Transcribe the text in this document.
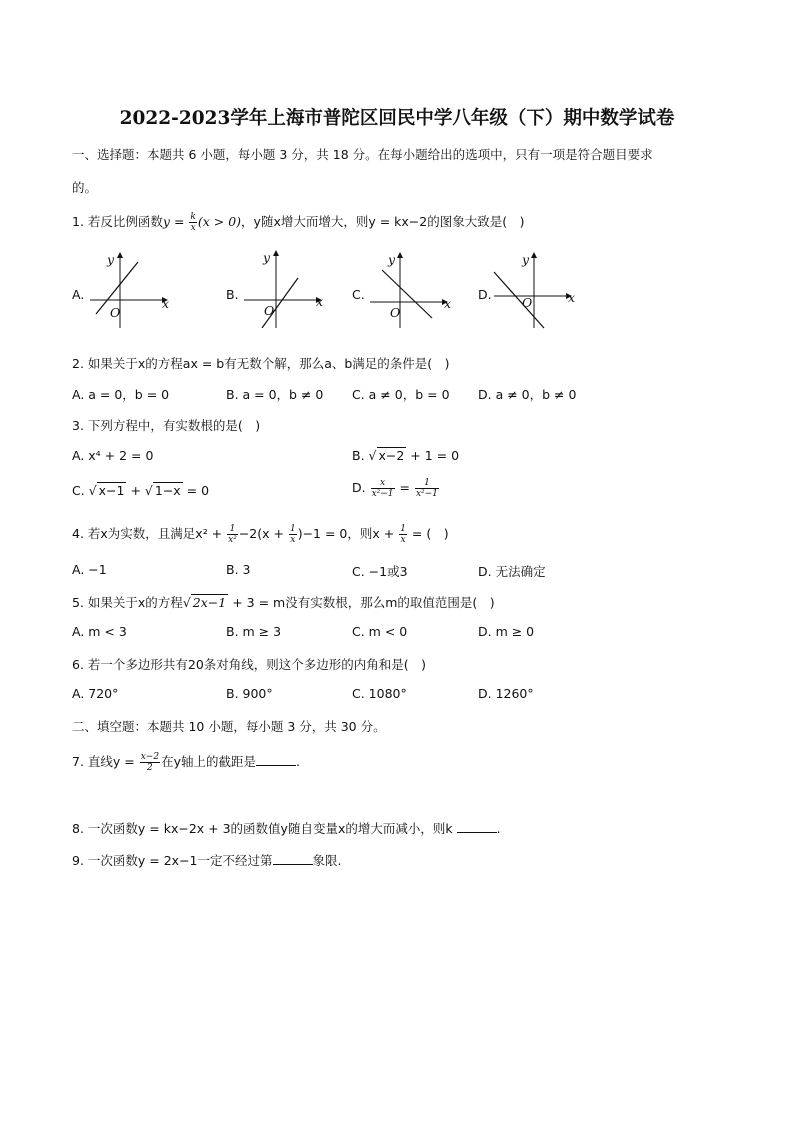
2022-2023学年上海市普陀区回民中学八年级（下）期中数学试卷
一、选择题：本题共 6 小题，每小题 3 分，共 18 分。在每小题给出的选项中，只有一项是符合题目要求
的。
1. 若反比例函数$y = \frac{k}{x} (x > 0)$，y随x增大而增大，则y = kx−2的图象大致是(　)
A.
y
x
O
B.
y
x
O
C.
y
x
O
D.
y
x
O
2. 如果关于x的方程ax = b有无数个解，那么a、b满足的条件是(　)
A. a = 0，b = 0	B. a = 0，b ≠ 0 C. a ≠ 0，b = 0 D. a ≠ 0，b ≠ 0
3. 下列方程中，有实数根的是(　)
A. x⁴ + 2 = 0	B. √ x−2 + 1 = 0
C. √ x−1 + √ 1−x = 0	D. $\frac{x}{\text{x²−1}} = \frac{1}{\text{x²−1}}$
4. 若x为实数，且满足$x^2 + \frac{1}{\text{x²}} -2(x + \frac{1}{x} )-1 = 0$，则$x + \frac{1}{x}$ = (　)
A. −1	B. 3	C. −1或3	D. 无法确定
5. 如果关于x的方程√ 2x−1 + 3 = m没有实数根，那么m的取值范围是(　)
A. m < 3	B. m ≥ 3	C. m < 0	D. m ≥ 0
6. 若一个多边形共有20条对角线，则这个多边形的内角和是(　)
A. 720°	B. 900°	C. 1080°	D. 1260°
二、填空题：本题共 10 小题，每小题 3 分，共 30 分。
7. 直线$y = \frac{x-2}{2}$ 在y轴上的截距是	.
8. 一次函数y = kx−2x + 3的函数值y随自变量x的增大而减小，则k	.
9. 一次函数y = 2x−1一定不经过第	象限.
